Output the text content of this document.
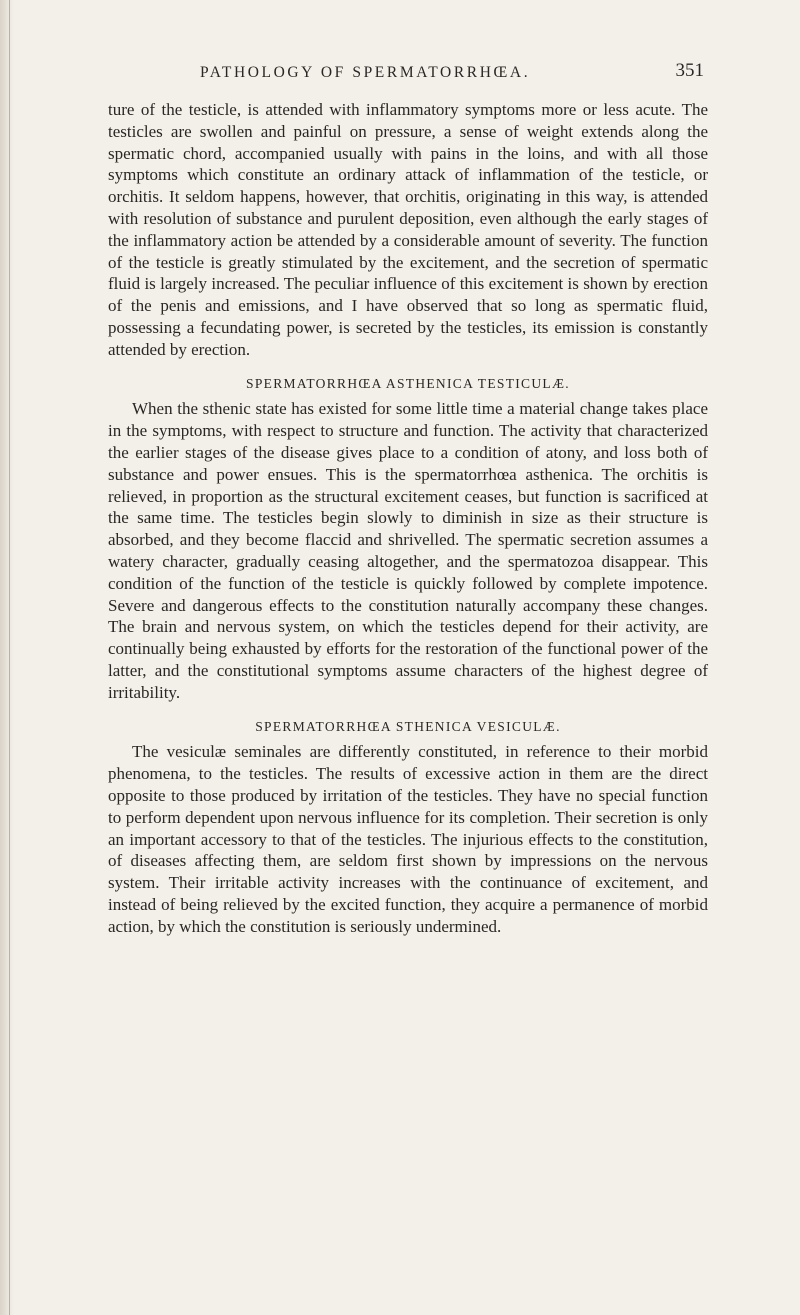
PATHOLOGY OF SPERMATORRHŒA.	351

ture of the testicle, is attended with inflammatory symptoms more or less acute. The testicles are swollen and painful on pressure, a sense of weight extends along the spermatic chord, accompanied usually with pains in the loins, and with all those symptoms which constitute an ordinary attack of inflammation of the testicle, or orchitis. It seldom happens, however, that orchitis, originating in this way, is attended with resolution of substance and purulent deposition, even although the early stages of the inflammatory action be attended by a considerable amount of severity. The function of the testicle is greatly stimulated by the excitement, and the secretion of spermatic fluid is largely increased. The peculiar influence of this excitement is shown by erection of the penis and emissions, and I have observed that so long as spermatic fluid, possessing a fecundating power, is secreted by the testicles, its emission is constantly attended by erection.

SPERMATORRHŒA ASTHENICA TESTICULÆ.

When the sthenic state has existed for some little time a material change takes place in the symptoms, with respect to structure and function. The activity that characterized the earlier stages of the disease gives place to a condition of atony, and loss both of substance and power ensues. This is the spermatorrhœa asthenica. The orchitis is relieved, in proportion as the structural excitement ceases, but function is sacrificed at the same time. The testicles begin slowly to diminish in size as their structure is absorbed, and they become flaccid and shrivelled. The spermatic secretion assumes a watery character, gradually ceasing altogether, and the spermatozoa disappear. This condition of the function of the testicle is quickly followed by complete impotence. Severe and dangerous effects to the constitution naturally accompany these changes. The brain and nervous system, on which the testicles depend for their activity, are continually being exhausted by efforts for the restoration of the functional power of the latter, and the constitutional symptoms assume characters of the highest degree of irritability.

SPERMATORRHŒA STHENICA VESICULÆ.

The vesiculæ seminales are differently constituted, in reference to their morbid phenomena, to the testicles. The results of excessive action in them are the direct opposite to those produced by irritation of the testicles. They have no special function to perform dependent upon nervous influence for its completion. Their secretion is only an important accessory to that of the testicles. The injurious effects to the constitution, of diseases affecting them, are seldom first shown by impressions on the nervous system. Their irritable activity increases with the continuance of excitement, and instead of being relieved by the excited function, they acquire a permanence of morbid action, by which the constitution is seriously undermined.
